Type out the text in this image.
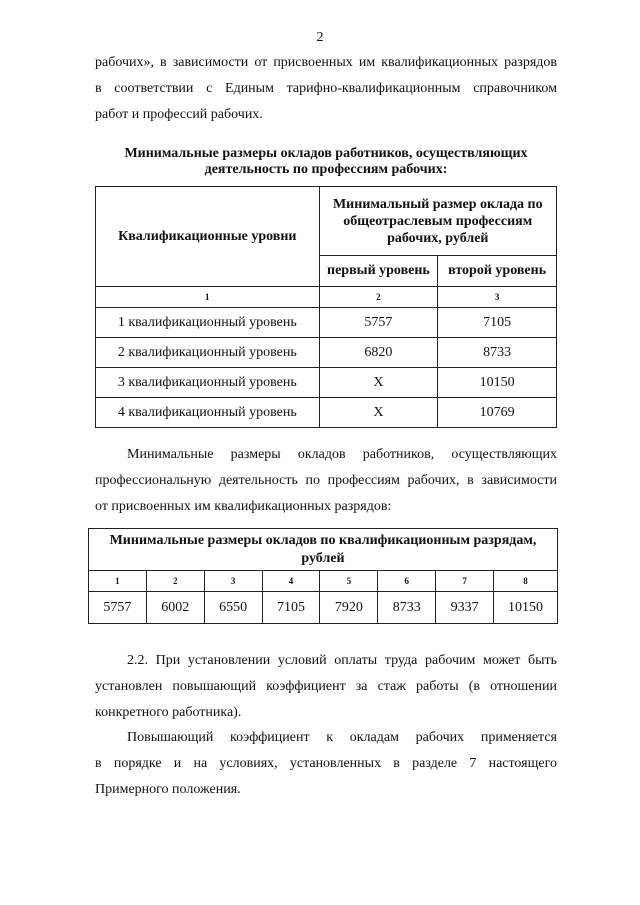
2
рабочих», в зависимости от присвоенных им квалификационных разрядов
в соответствии с Единым тарифно-квалификационным справочником
работ и профессий рабочих.
Минимальные размеры окладов работников, осуществляющих
деятельность по профессиям рабочих:
Квалификационные уровни	Минимальный размер оклада по общеотраслевым профессиям рабочих, рублей	
	первый уровень	второй уровень
1	2	3
1 квалификационный уровень	5757	7105
2 квалификационный уровень	6820	8733
3 квалификационный уровень	Х	10150
4 квалификационный уровень	Х	10769
Минимальные размеры окладов работников, осуществляющих
профессиональную деятельность по профессиям рабочих, в зависимости
от присвоенных им квалификационных разрядов:
Минимальные размеры окладов по квалификационным разрядам, рублей							
1	2	3	4	5	6	7	8
5757	6002	6550	7105	7920	8733	9337	10150
2.2. При установлении условий оплаты труда рабочим может быть
установлен повышающий коэффициент за стаж работы (в отношении
конкретного работника).
Повышающий коэффициент к окладам рабочих применяется
в порядке и на условиях, установленных в разделе 7 настоящего
Примерного положения.
